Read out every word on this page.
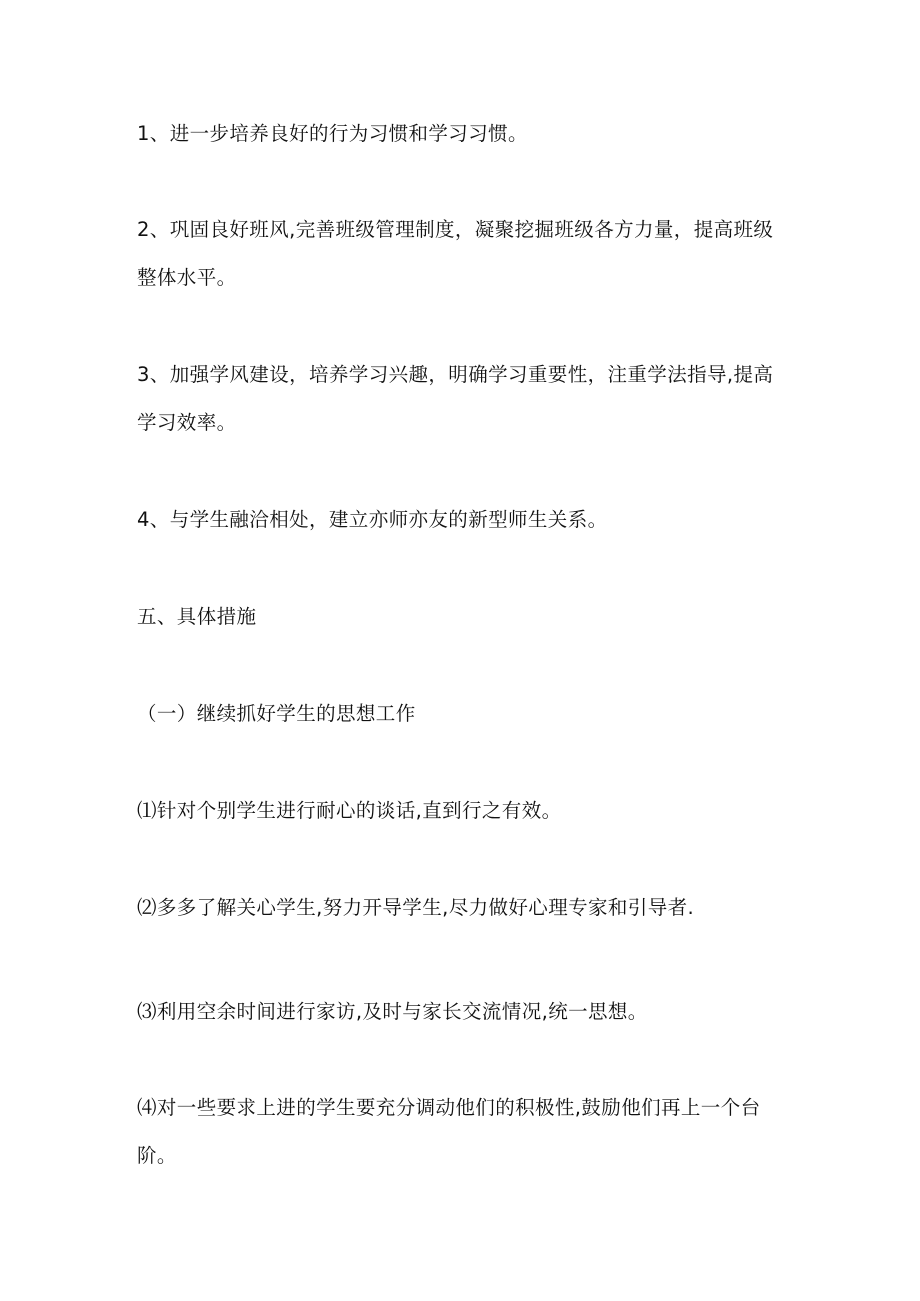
1、进一步培养良好的行为习惯和学习习惯。
2、巩固良好班风,完善班级管理制度，凝聚挖掘班级各方力量，提高班级
整体水平。
3、加强学风建设，培养学习兴趣，明确学习重要性，注重学法指导,提高
学习效率。
4、与学生融洽相处，建立亦师亦友的新型师生关系。
五、具体措施
（一）继续抓好学生的思想工作
⑴针对个别学生进行耐心的谈话,直到行之有效。
⑵多多了解关心学生,努力开导学生,尽力做好心理专家和引导者.
⑶利用空余时间进行家访,及时与家长交流情况,统一思想。
⑷对一些要求上进的学生要充分调动他们的积极性,鼓励他们再上一个台
阶。
